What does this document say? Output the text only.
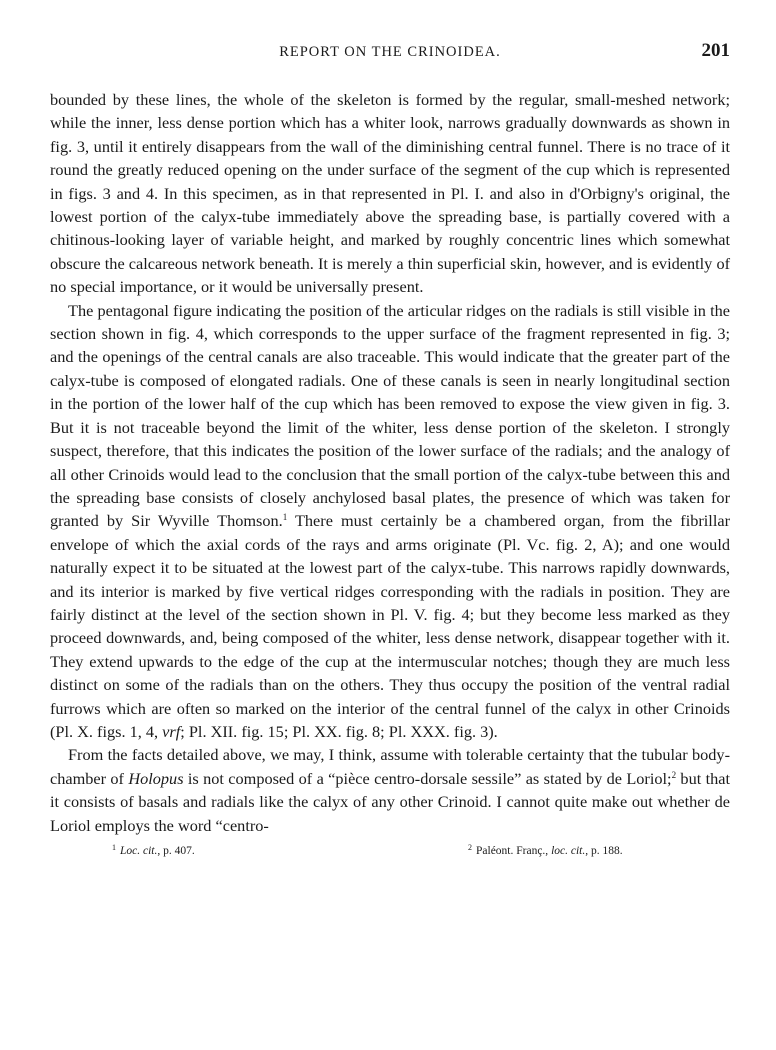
REPORT ON THE CRINOIDEA.	201

bounded by these lines, the whole of the skeleton is formed by the regular, small-meshed network; while the inner, less dense portion which has a whiter look, narrows gradually downwards as shown in fig. 3, until it entirely disappears from the wall of the diminishing central funnel. There is no trace of it round the greatly reduced opening on the under surface of the segment of the cup which is represented in figs. 3 and 4. In this specimen, as in that represented in Pl. I. and also in d'Orbigny's original, the lowest portion of the calyx-tube immediately above the spreading base, is partially covered with a chitinous-looking layer of variable height, and marked by roughly concentric lines which somewhat obscure the calcareous network beneath. It is merely a thin superficial skin, however, and is evidently of no special importance, or it would be universally present.

The pentagonal figure indicating the position of the articular ridges on the radials is still visible in the section shown in fig. 4, which corresponds to the upper surface of the fragment represented in fig. 3; and the openings of the central canals are also traceable. This would indicate that the greater part of the calyx-tube is composed of elongated radials. One of these canals is seen in nearly longitudinal section in the portion of the lower half of the cup which has been removed to expose the view given in fig. 3. But it is not traceable beyond the limit of the whiter, less dense portion of the skeleton. I strongly suspect, therefore, that this indicates the position of the lower surface of the radials; and the analogy of all other Crinoids would lead to the conclusion that the small portion of the calyx-tube between this and the spreading base consists of closely anchylosed basal plates, the presence of which was taken for granted by Sir Wyville Thomson.$^1$ There must certainly be a chambered organ, from the fibrillar envelope of which the axial cords of the rays and arms originate (Pl. Vc. fig. 2, A); and one would naturally expect it to be situated at the lowest part of the calyx-tube. This narrows rapidly downwards, and its interior is marked by five vertical ridges corresponding with the radials in position. They are fairly distinct at the level of the section shown in Pl. V. fig. 4; but they become less marked as they proceed downwards, and, being composed of the whiter, less dense network, disappear together with it. They extend upwards to the edge of the cup at the intermuscular notches; though they are much less distinct on some of the radials than on the others. They thus occupy the position of the ventral radial furrows which are often so marked on the interior of the central funnel of the calyx in other Crinoids (Pl. X. figs. 1, 4, vrf; Pl. XII. fig. 15; Pl. XX. fig. 8; Pl. XXX. fig. 3).

From the facts detailed above, we may, I think, assume with tolerable certainty that the tubular body-chamber of Holopus is not composed of a “pièce centro-dorsale sessile” as stated by de Loriol;$^2$ but that it consists of basals and radials like the calyx of any other Crinoid. I cannot quite make out whether de Loriol employs the word “centro-

$^1$ Loc. cit., p. 407.	$^2$ Paléont. Franç., loc. cit., p. 188.
